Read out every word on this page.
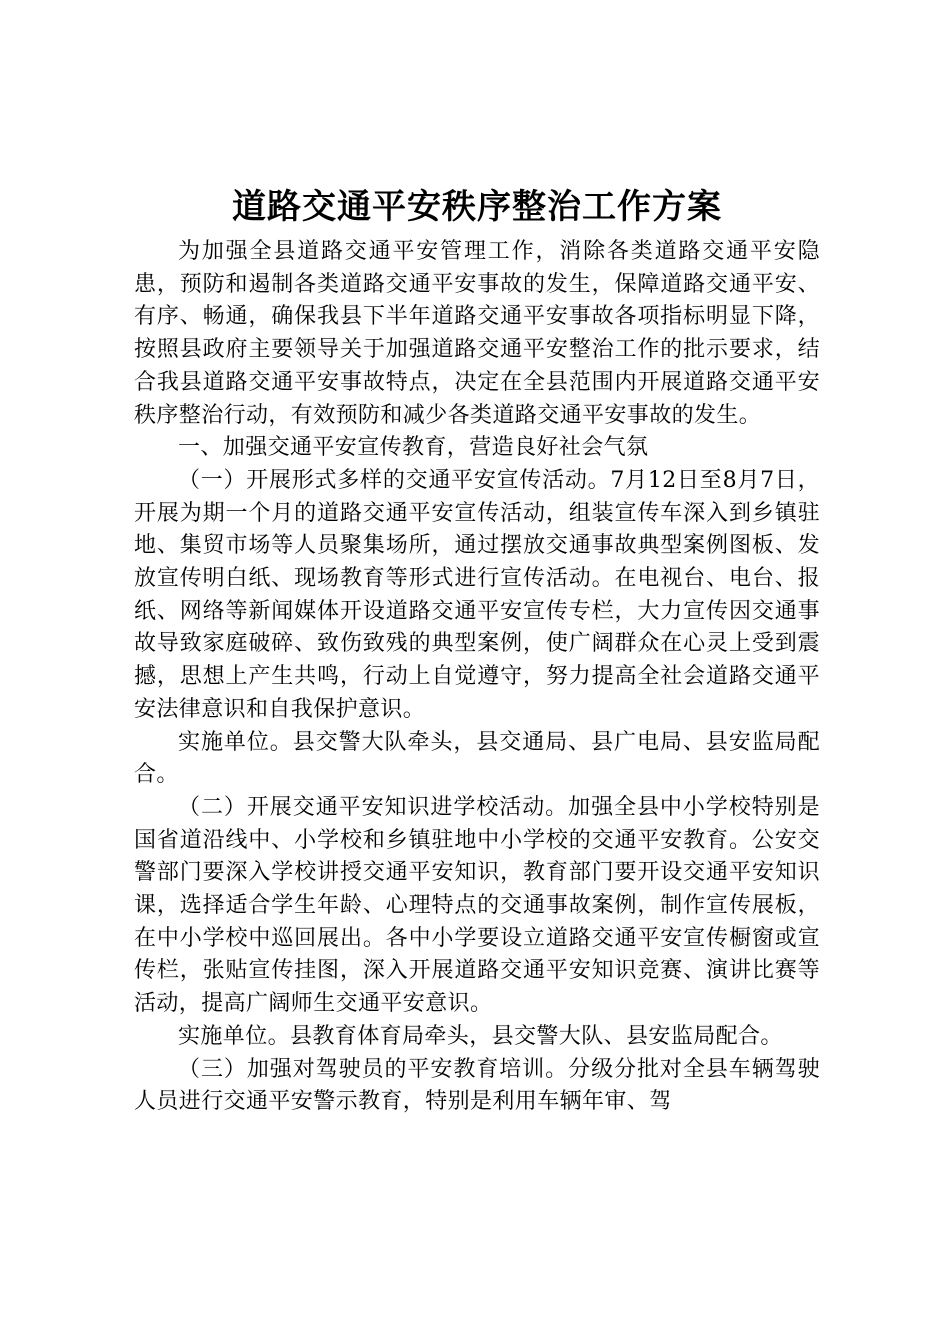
道路交通平安秩序整治工作方案

为加强全县道路交通平安管理工作，消除各类道路交通平安隐患，预防和遏制各类道路交通平安事故的发生，保障道路交通平安、有序、畅通，确保我县下半年道路交通平安事故各项指标明显下降，按照县政府主要领导关于加强道路交通平安整治工作的批示要求，结合我县道路交通平安事故特点，决定在全县范围内开展道路交通平安秩序整治行动，有效预防和减少各类道路交通平安事故的发生。

一、加强交通平安宣传教育，营造良好社会气氛

（一）开展形式多样的交通平安宣传活动。7月12日至8月7日，开展为期一个月的道路交通平安宣传活动，组装宣传车深入到乡镇驻地、集贸市场等人员聚集场所，通过摆放交通事故典型案例图板、发放宣传明白纸、现场教育等形式进行宣传活动。在电视台、电台、报纸、网络等新闻媒体开设道路交通平安宣传专栏，大力宣传因交通事故导致家庭破碎、致伤致残的典型案例，使广阔群众在心灵上受到震撼，思想上产生共鸣，行动上自觉遵守，努力提高全社会道路交通平安法律意识和自我保护意识。

实施单位。县交警大队牵头，县交通局、县广电局、县安监局配合。

（二）开展交通平安知识进学校活动。加强全县中小学校特别是国省道沿线中、小学校和乡镇驻地中小学校的交通平安教育。公安交警部门要深入学校讲授交通平安知识，教育部门要开设交通平安知识课，选择适合学生年龄、心理特点的交通事故案例，制作宣传展板，在中小学校中巡回展出。各中小学要设立道路交通平安宣传橱窗或宣传栏，张贴宣传挂图，深入开展道路交通平安知识竞赛、演讲比赛等活动，提高广阔师生交通平安意识。

实施单位。县教育体育局牵头，县交警大队、县安监局配合。

（三）加强对驾驶员的平安教育培训。分级分批对全县车辆驾驶人员进行交通平安警示教育，特别是利用车辆年审、驾
